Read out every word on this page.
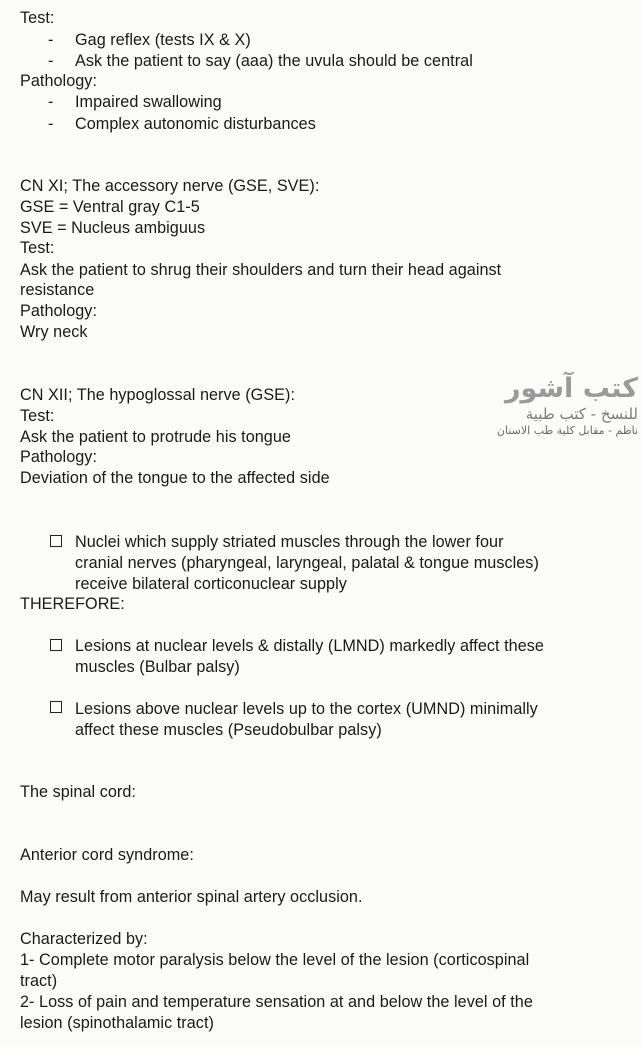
Test:
- Gag reflex (tests IX & X)
- Ask the patient to say (aaa) the uvula should be central
Pathology:
- Impaired swallowing
- Complex autonomic disturbances
CN XI; The accessory nerve (GSE, SVE):
GSE = Ventral gray C1-5
SVE = Nucleus ambiguus
Test:
Ask the patient to shrug their shoulders and turn their head against
resistance
Pathology:
Wry neck
CN XII; The hypoglossal nerve (GSE):
Test:
Ask the patient to protrude his tongue
Pathology:
Deviation of the tongue to the affected side
كتب آشور
للنسخ - كتب طبية
ناظم - مقابل كلية طب الاسنان
Nuclei which supply striated muscles through the lower four
cranial nerves (pharyngeal, laryngeal, palatal & tongue muscles)
receive bilateral corticonuclear supply
THEREFORE:
Lesions at nuclear levels & distally (LMND) markedly affect these
muscles (Bulbar palsy)
Lesions above nuclear levels up to the cortex (UMND) minimally
affect these muscles (Pseudobulbar palsy)
The spinal cord:
Anterior cord syndrome:
May result from anterior spinal artery occlusion.
Characterized by:
1- Complete motor paralysis below the level of the lesion (corticospinal
tract)
2- Loss of pain and temperature sensation at and below the level of the
lesion (spinothalamic tract)
